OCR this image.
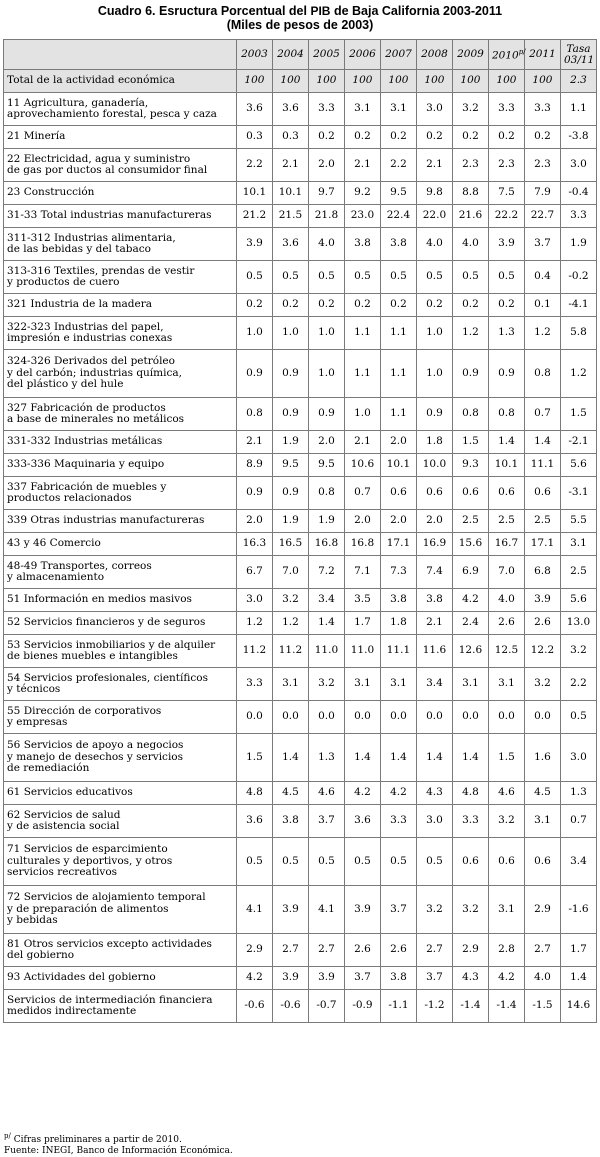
Cuadro 6. Esructura Porcentual del PIB de Baja California 2003-2011
(Miles de pesos de 2003)
	2003	2004	2005	2006	2007	2008	2009	$2010^{p/}$	2011	Tasa
03/11
Total de la actividad económica	100	100	100	100	100	100	100	100	100	2.3
11 Agricultura, ganadería,
aprovechamiento forestal, pesca y caza	3.6	3.6	3.3	3.1	3.1	3.0	3.2	3.3	3.3	1.1
21 Minería	0.3	0.3	0.2	0.2	0.2	0.2	0.2	0.2	0.2	-3.8
22 Electricidad, agua y suministro
de gas por ductos al consumidor final	2.2	2.1	2.0	2.1	2.2	2.1	2.3	2.3	2.3	3.0
23 Construcción	10.1	10.1	9.7	9.2	9.5	9.8	8.8	7.5	7.9	-0.4
31-33 Total industrias manufactureras	21.2	21.5	21.8	23.0	22.4	22.0	21.6	22.2	22.7	3.3
311-312 Industrias alimentaria,
de las bebidas y del tabaco	3.9	3.6	4.0	3.8	3.8	4.0	4.0	3.9	3.7	1.9
313-316 Textiles, prendas de vestir
y productos de cuero	0.5	0.5	0.5	0.5	0.5	0.5	0.5	0.5	0.4	-0.2
321 Industria de la madera	0.2	0.2	0.2	0.2	0.2	0.2	0.2	0.2	0.1	-4.1
322-323 Industrias del papel,
impresión e industrias conexas	1.0	1.0	1.0	1.1	1.1	1.0	1.2	1.3	1.2	5.8
324-326 Derivados del petróleo
y del carbón; industrias química,
del plástico y del hule	0.9	0.9	1.0	1.1	1.1	1.0	0.9	0.9	0.8	1.2
327 Fabricación de productos
a base de minerales no metálicos	0.8	0.9	0.9	1.0	1.1	0.9	0.8	0.8	0.7	1.5
331-332 Industrias metálicas	2.1	1.9	2.0	2.1	2.0	1.8	1.5	1.4	1.4	-2.1
333-336 Maquinaria y equipo	8.9	9.5	9.5	10.6	10.1	10.0	9.3	10.1	11.1	5.6
337 Fabricación de muebles y
productos relacionados	0.9	0.9	0.8	0.7	0.6	0.6	0.6	0.6	0.6	-3.1
339 Otras industrias manufactureras	2.0	1.9	1.9	2.0	2.0	2.0	2.5	2.5	2.5	5.5
43 y 46 Comercio	16.3	16.5	16.8	16.8	17.1	16.9	15.6	16.7	17.1	3.1
48-49 Transportes, correos
y almacenamiento	6.7	7.0	7.2	7.1	7.3	7.4	6.9	7.0	6.8	2.5
51 Información en medios masivos	3.0	3.2	3.4	3.5	3.8	3.8	4.2	4.0	3.9	5.6
52 Servicios financieros y de seguros	1.2	1.2	1.4	1.7	1.8	2.1	2.4	2.6	2.6	13.0
53 Servicios inmobiliarios y de alquiler
de bienes muebles e intangibles	11.2	11.2	11.0	11.0	11.1	11.6	12.6	12.5	12.2	3.2
54 Servicios profesionales, científicos
y técnicos	3.3	3.1	3.2	3.1	3.1	3.4	3.1	3.1	3.2	2.2
55 Dirección de corporativos
y empresas	0.0	0.0	0.0	0.0	0.0	0.0	0.0	0.0	0.0	0.5
56 Servicios de apoyo a negocios
y manejo de desechos y servicios
de remediación	1.5	1.4	1.3	1.4	1.4	1.4	1.4	1.5	1.6	3.0
61 Servicios educativos	4.8	4.5	4.6	4.2	4.2	4.3	4.8	4.6	4.5	1.3
62 Servicios de salud
y de asistencia social	3.6	3.8	3.7	3.6	3.3	3.0	3.3	3.2	3.1	0.7
71 Servicios de esparcimiento
culturales y deportivos, y otros
servicios recreativos	0.5	0.5	0.5	0.5	0.5	0.5	0.6	0.6	0.6	3.4
72 Servicios de alojamiento temporal
y de preparación de alimentos
y bebidas	4.1	3.9	4.1	3.9	3.7	3.2	3.2	3.1	2.9	-1.6
81 Otros servicios excepto actividades
del gobierno	2.9	2.7	2.7	2.6	2.6	2.7	2.9	2.8	2.7	1.7
93 Actividades del gobierno	4.2	3.9	3.9	3.7	3.8	3.7	4.3	4.2	4.0	1.4
Servicios de intermediación financiera
medidos indirectamente	-0.6	-0.6	-0.7	-0.9	-1.1	-1.2	-1.4	-1.4	-1.5	14.6
$^{p/}$ Cifras preliminares a partir de 2010.
Fuente: INEGI, Banco de Información Económica.
